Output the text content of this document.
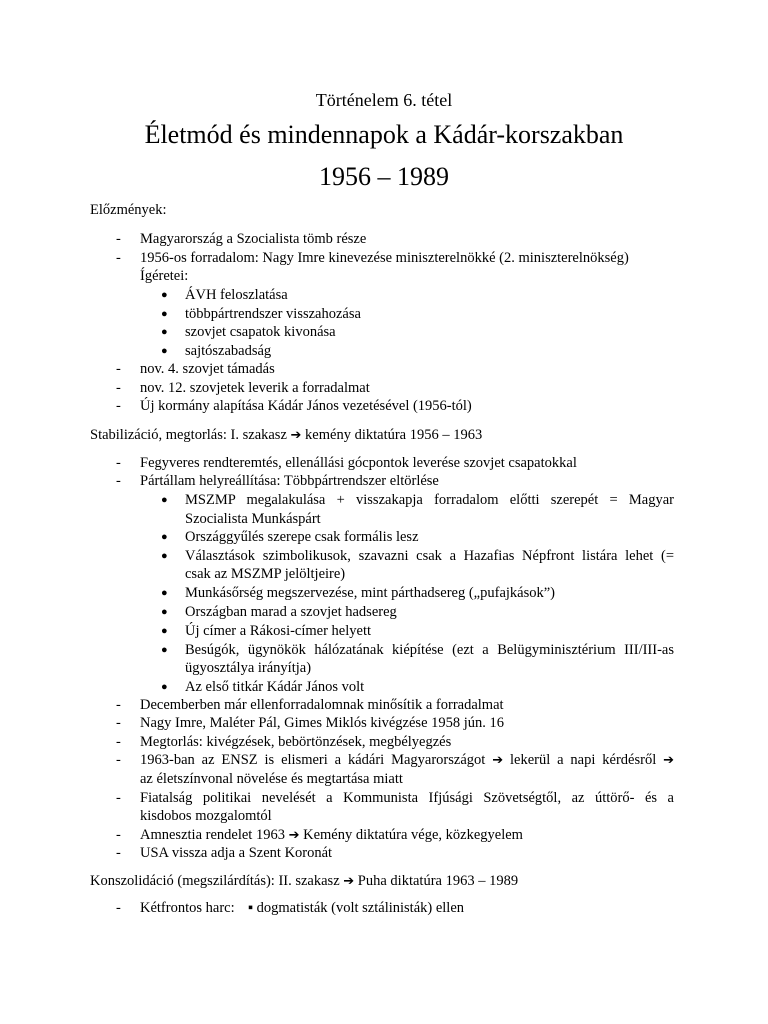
Történelem 6. tétel
Életmód és mindennapok a Kádár-korszakban
1956 – 1989
Előzmények:
- Magyarország a Szocialista tömb része
- 1956-os forradalom: Nagy Imre kinevezése miniszterelnökké (2. miniszterelnökség)
Ígéretei:
● ÁVH feloszlatása
● többpártrendszer visszahozása
● szovjet csapatok kivonása
● sajtószabadság
- nov. 4. szovjet támadás
- nov. 12. szovjetek leverik a forradalmat
- Új kormány alapítása Kádár János vezetésével (1956-tól)
Stabilizáció, megtorlás: I. szakasz ➔ kemény diktatúra 1956 – 1963
- Fegyveres rendteremtés, ellenállási gócpontok leverése szovjet csapatokkal
- Pártállam helyreállítása: Többpártrendszer eltörlése
● MSZMP megalakulása + visszakapja forradalom előtti szerepét = Magyar
Szocialista Munkáspárt
● Országgyűlés szerepe csak formális lesz
● Választások szimbolikusok, szavazni csak a Hazafias Népfront listára lehet (=
csak az MSZMP jelöltjeire)
● Munkásőrség megszervezése, mint párthadsereg („pufajkások”)
● Országban marad a szovjet hadsereg
● Új címer a Rákosi-címer helyett
● Besúgók, ügynökök hálózatának kiépítése (ezt a Belügyminisztérium III/III-as
ügyosztálya irányítja)
● Az első titkár Kádár János volt
- Decemberben már ellenforradalomnak minősítik a forradalmat
- Nagy Imre, Maléter Pál, Gimes Miklós kivégzése 1958 jún. 16
- Megtorlás: kivégzések, bebörtönzések, megbélyegzés
- 1963-ban az ENSZ is elismeri a kádári Magyarországot ➔ lekerül a napi kérdésről ➔
az életszínvonal növelése és megtartása miatt
- Fiatalság politikai nevelését a Kommunista Ifjúsági Szövetségtől, az úttörő- és a
kisdobos mozgalomtól
- Amnesztia rendelet 1963 ➔ Kemény diktatúra vége, közkegyelem
- USA vissza adja a Szent Koronát
Konszolidáció (megszilárdítás): II. szakasz ➔ Puha diktatúra 1963 – 1989
- Kétfrontos harc: ▪ dogmatisták (volt sztálinisták) ellen
